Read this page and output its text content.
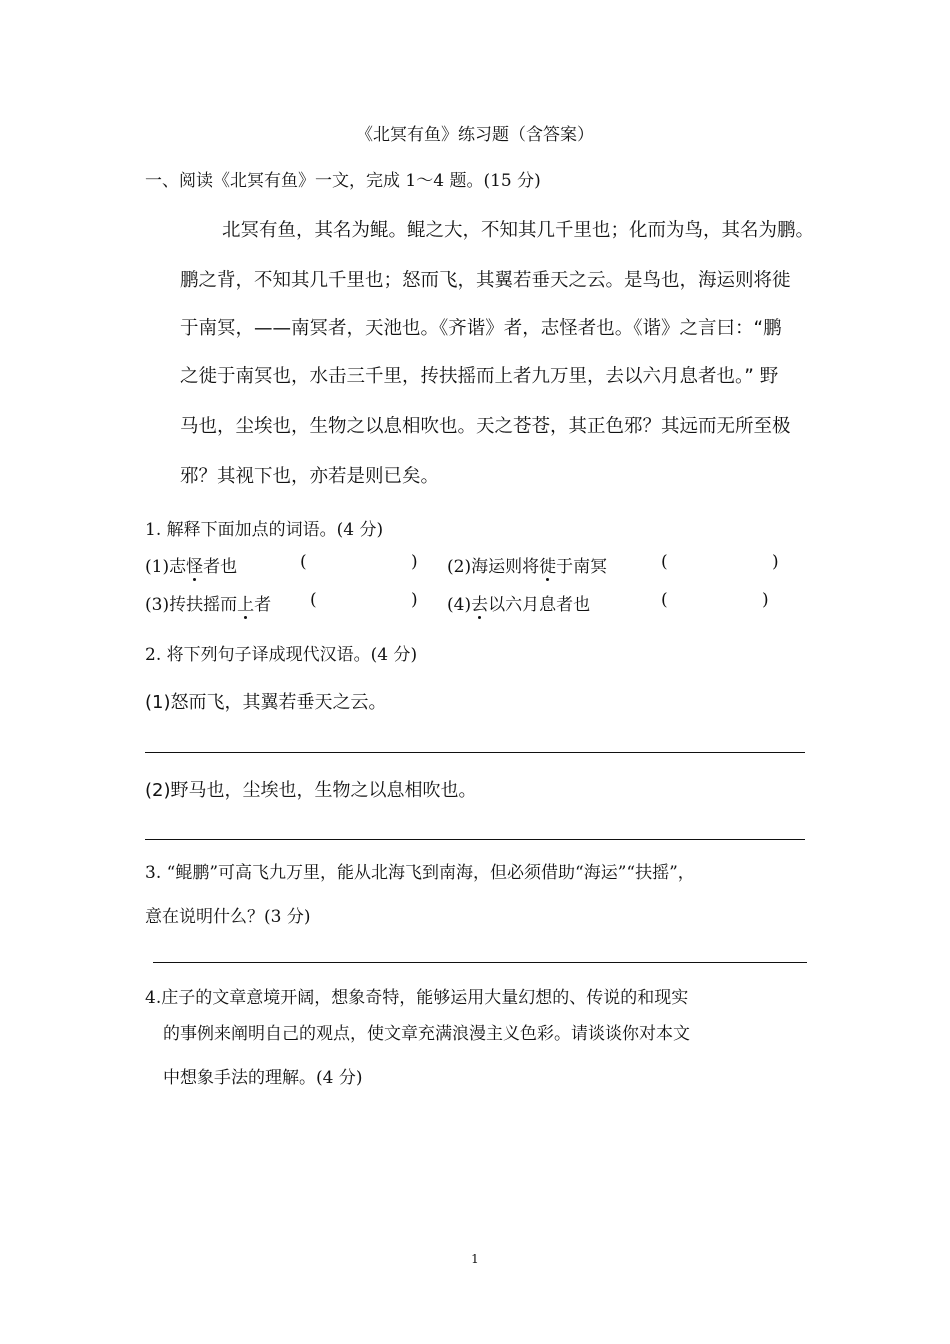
《北冥有鱼》练习题（含答案）
一、阅读《北冥有鱼》一文，完成 1～4 题。(15 分)
北冥有鱼，其名为鲲。鲲之大，不知其几千里也；化而为鸟，其名为鹏。
鹏之背，不知其几千里也；怒而飞，其翼若垂天之云。是鸟也，海运则将徙
于南冥，——南冥者，天池也。《齐谐》者，志怪者也。《谐》之言曰：“鹏
之徙于南冥也，水击三千里，抟扶摇而上者九万里，去以六月息者也。” 野
马也，尘埃也，生物之以息相吹也。天之苍苍，其正色邪？其远而无所至极
邪？其视下也，亦若是则已矣。
1. 解释下面加点的词语。(4 分)
(1)志怪者也	(	) (2)海运则将徙于南冥	(	)
(3)抟扶摇而上者 (	) (4)去以六月息者也	(	)
2. 将下列句子译成现代汉语。(4 分)
(1)怒而飞，其翼若垂天之云。
(2)野马也，尘埃也，生物之以息相吹也。
3. “鲲鹏”可高飞九万里，能从北海飞到南海，但必须借助“海运”“扶摇”，
意在说明什么？(3 分)
4.庄子的文章意境开阔，想象奇特，能够运用大量幻想的、传说的和现实
的事例来阐明自己的观点，使文章充满浪漫主义色彩。请谈谈你对本文
中想象手法的理解。(4 分)
1
